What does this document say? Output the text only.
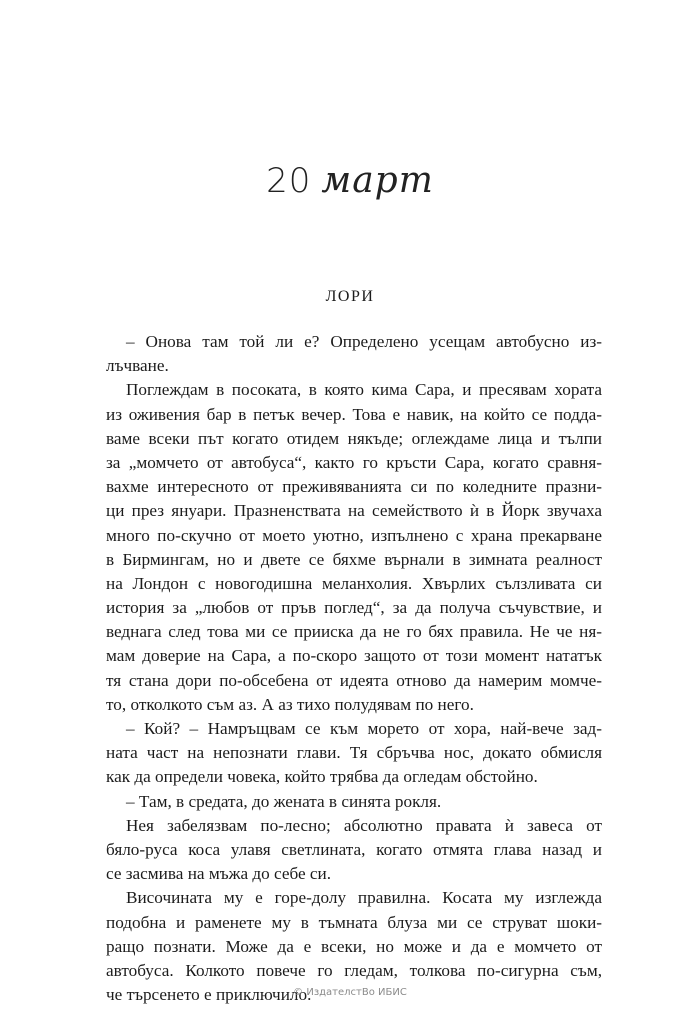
20 март
ЛОРИ
– Онова там той ли е? Определено усещам автобусно из-
лъчване.
Поглеждам в посоката, в която кима Сара, и пресявам хората
из оживения бар в петък вечер. Това е навик, на който се подда-
ваме всеки път когато отидем някъде; оглеждаме лица и тълпи
за „момчето от автобуса“, както го кръсти Сара, когато сравня-
вахме интересното от преживяванията си по коледните празни-
ци през януари. Празненствата на семейството ѝ в Йорк звучаха
много по-скучно от моето уютно, изпълнено с храна прекарване
в Бирмингам, но и двете се бяхме върнали в зимната реалност
на Лондон с новогодишна меланхолия. Хвърлих сълзливата си
история за „любов от пръв поглед“, за да получа съчувствие, и
веднага след това ми се прииска да не го бях правила. Не че ня-
мам доверие на Сара, а по-скоро защото от този момент нататък
тя стана дори по-обсебена от идеята отново да намерим момче-
то, отколкото съм аз. А аз тихо полудявам по него.
– Кой? – Намръщвам се към морето от хора, най-вече зад-
ната част на непознати глави. Тя сбръчва нос, докато обмисля
как да определи човека, който трябва да огледам обстойно.
– Там, в средата, до жената в синята рокля.
Нея забелязвам по-лесно; абсолютно правата ѝ завеса от
бяло-руса коса улавя светлината, когато отмята глава назад и
се засмива на мъжа до себе си.
Височината му е горе-долу правилна. Косата му изглежда
подобна и раменете му в тъмната блуза ми се струват шоки-
ращо познати. Може да е всеки, но може и да е момчето от
автобуса. Колкото повече го гледам, толкова по-сигурна съм,
че търсенето е приключило.
© ИздателстВо ИБИС
